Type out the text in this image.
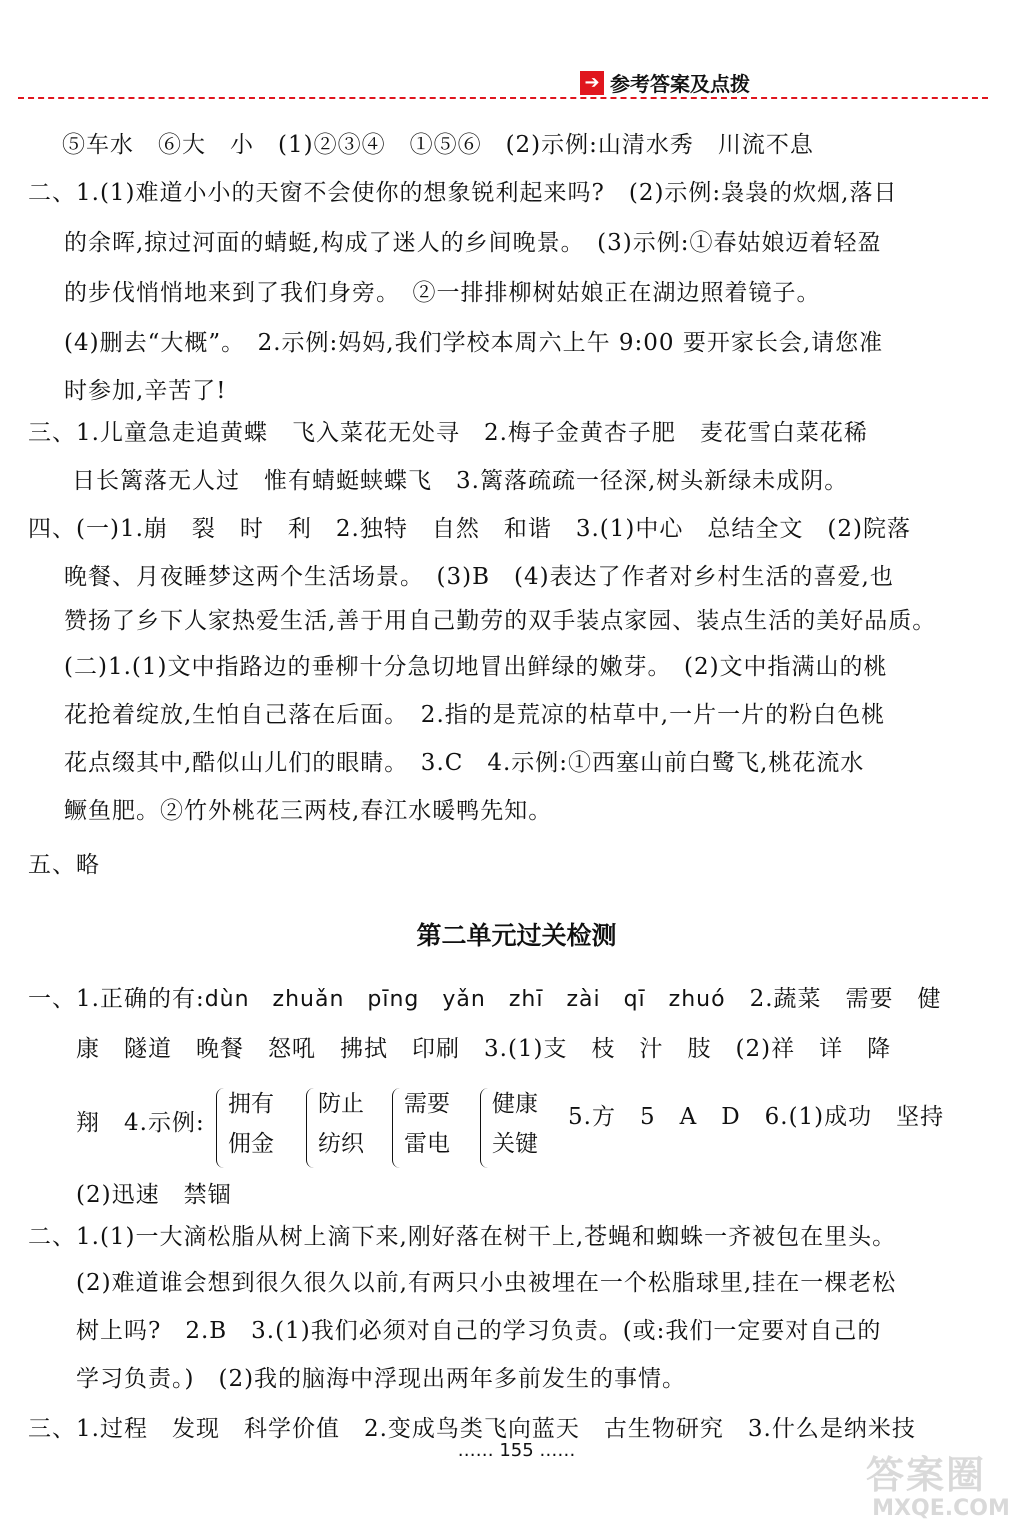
➔ 参考答案及点拨
⑤车水　⑥大　小　(1)②③④　①⑤⑥　(2)示例:山清水秀　川流不息
二、1.(1)难道小小的天窗不会使你的想象锐利起来吗?　(2)示例:袅袅的炊烟,落日
的余晖,掠过河面的蜻蜓,构成了迷人的乡间晚景。　(3)示例:①春姑娘迈着轻盈
的步伐悄悄地来到了我们身旁。　②一排排柳树姑娘正在湖边照着镜子。
(4)删去“大概”。　2.示例:妈妈,我们学校本周六上午 9:00 要开家长会,请您准
时参加,辛苦了!
三、1.儿童急走追黄蝶　飞入菜花无处寻　2.梅子金黄杏子肥　麦花雪白菜花稀
日长篱落无人过　惟有蜻蜓蛱蝶飞　3.篱落疏疏一径深,树头新绿未成阴。
四、(一)1.崩　裂　时　利　2.独特　自然　和谐　3.(1)中心　总结全文　(2)院落
晚餐、月夜睡梦这两个生活场景。　(3)B　(4)表达了作者对乡村生活的喜爱,也
赞扬了乡下人家热爱生活,善于用自己勤劳的双手装点家园、装点生活的美好品质。
(二)1.(1)文中指路边的垂柳十分急切地冒出鲜绿的嫩芽。　(2)文中指满山的桃
花抢着绽放,生怕自己落在后面。　2.指的是荒凉的枯草中,一片一片的粉白色桃
花点缀其中,酷似山儿们的眼睛。　3.C　4.示例:①西塞山前白鹭飞,桃花流水
鳜鱼肥。②竹外桃花三两枝,春江水暖鸭先知。
五、略
第二单元过关检测
一、1.正确的有:dùn　zhuǎn　pīng　yǎn　zhī　zài　qī　zhuó　 2.蔬菜　需要　健
康　隧道　晚餐　怒吼　拂拭　印刷　3.(1)支　枝　汁　肢　(2)祥　详　降
翔　4.示例:
拥有
佣金
防止
纺织
需要
雷电
健康
关键
5.方　5　A　D　6.(1)成功　坚持
(2)迅速　禁锢
二、1.(1)一大滴松脂从树上滴下来,刚好落在树干上,苍蝇和蜘蛛一齐被包在里头。
(2)难道谁会想到很久很久以前,有两只小虫被埋在一个松脂球里,挂在一棵老松
树上吗?　2.B　3.(1)我们必须对自己的学习负责。(或:我们一定要对自己的
学习负责。)　(2)我的脑海中浮现出两年多前发生的事情。
三、1.过程　发现　科学价值　2.变成鸟类飞向蓝天　古生物研究　3.什么是纳米技
…… 155 ……
答案圈
MXQE.COM
